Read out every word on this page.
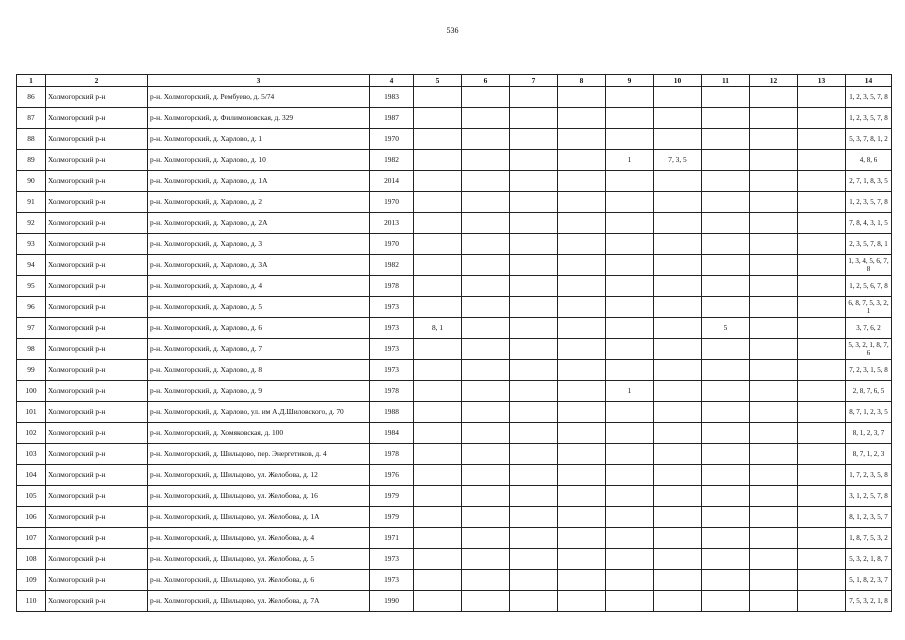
536
1	2	3	4	5	6	7	8	9	10	11	12	13	14
86	Холмогорский р-н	р-н. Холмогорский, д. Рембуево, д. 5/74	1983										1, 2, 3, 5, 7, 8
87	Холмогорский р-н	р-н. Холмогорский, д. Филимоновская, д. 329	1987										1, 2, 3, 5, 7, 8
88	Холмогорский р-н	р-н. Холмогорский, д. Харлово, д. 1	1970										5, 3, 7, 8, 1, 2
89	Холмогорский р-н	р-н. Холмогорский, д. Харлово, д. 10	1982					1	7, 3, 5				4, 8, 6
90	Холмогорский р-н	р-н. Холмогорский, д. Харлово, д. 1А	2014										2, 7, 1, 8, 3, 5
91	Холмогорский р-н	р-н. Холмогорский, д. Харлово, д. 2	1970										1, 2, 3, 5, 7, 8
92	Холмогорский р-н	р-н. Холмогорский, д. Харлово, д. 2А	2013										7, 8, 4, 3, 1, 5
93	Холмогорский р-н	р-н. Холмогорский, д. Харлово, д. 3	1970										2, 3, 5, 7, 8, 1
94	Холмогорский р-н	р-н. Холмогорский, д. Харлово, д. 3А	1982										1, 3, 4, 5, 6, 7, 8
95	Холмогорский р-н	р-н. Холмогорский, д. Харлово, д. 4	1978										1, 2, 5, 6, 7, 8
96	Холмогорский р-н	р-н. Холмогорский, д. Харлово, д. 5	1973										6, 8, 7, 5, 3, 2, 1
97	Холмогорский р-н	р-н. Холмогорский, д. Харлово, д. 6	1973	8, 1						5			3, 7, 6, 2
98	Холмогорский р-н	р-н. Холмогорский, д. Харлово, д. 7	1973										5, 3, 2, 1, 8, 7, 6
99	Холмогорский р-н	р-н. Холмогорский, д. Харлово, д. 8	1973										7, 2, 3, 1, 5, 8
100	Холмогорский р-н	р-н. Холмогорский, д. Харлово, д. 9	1978					1					2, 8, 7, 6, 5
101	Холмогорский р-н	р-н. Холмогорский, д. Харлово, ул. им А.Д.Шиловского, д. 70	1988										8, 7, 1, 2, 3, 5
102	Холмогорский р-н	р-н. Холмогорский, д. Хомяковская, д. 100	1984										8, 1, 2, 3, 7
103	Холмогорский р-н	р-н. Холмогорский, д. Шильцово, пер. Энергетиков, д. 4	1978										8, 7, 1, 2, 3
104	Холмогорский р-н	р-н. Холмогорский, д. Шильцово, ул. Желобова, д. 12	1976										1, 7, 2, 3, 5, 8
105	Холмогорский р-н	р-н. Холмогорский, д. Шильцово, ул. Желобова, д. 16	1979										3, 1, 2, 5, 7, 8
106	Холмогорский р-н	р-н. Холмогорский, д. Шильцово, ул. Желобова, д. 1А	1979										8, 1, 2, 3, 5, 7
107	Холмогорский р-н	р-н. Холмогорский, д. Шильцово, ул. Желобова, д. 4	1971										1, 8, 7, 5, 3, 2
108	Холмогорский р-н	р-н. Холмогорский, д. Шильцово, ул. Желобова, д. 5	1973										5, 3, 2, 1, 8, 7
109	Холмогорский р-н	р-н. Холмогорский, д. Шильцово, ул. Желобова, д. 6	1973										5, 1, 8, 2, 3, 7
110	Холмогорский р-н	р-н. Холмогорский, д. Шильцово, ул. Желобова, д. 7А	1990										7, 5, 3, 2, 1, 8
